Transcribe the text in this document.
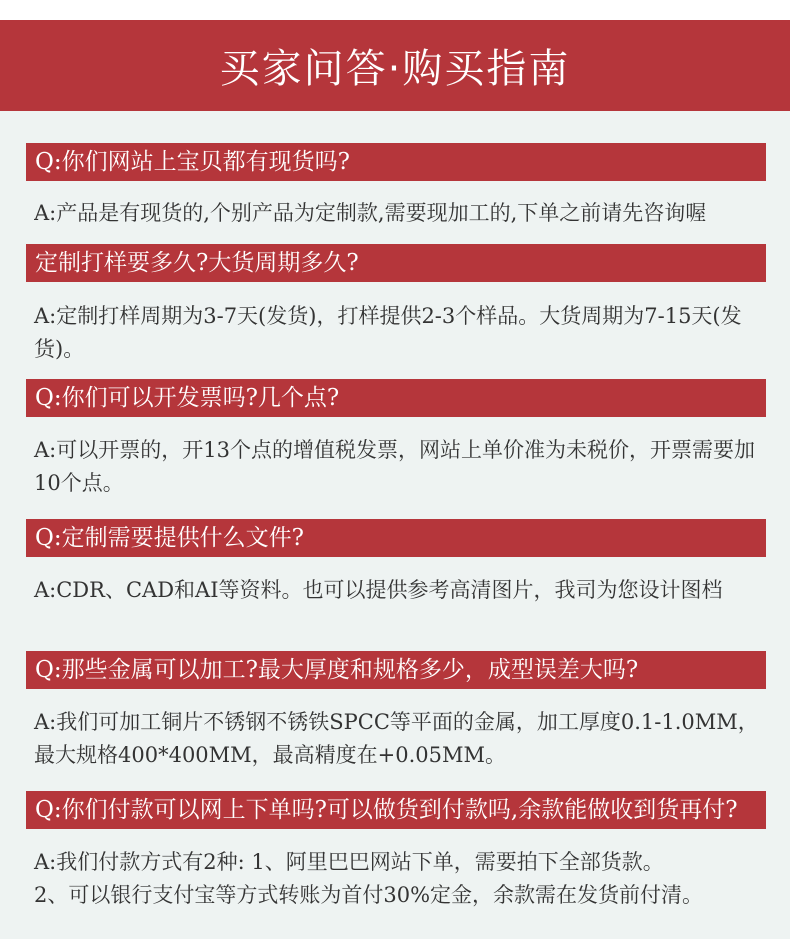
买家问答·购买指南
Q:你们网站上宝贝都有现货吗?
A:产品是有现货的,个别产品为定制款,需要现加工的,下单之前请先咨询喔
定制打样要多久?大货周期多久?
A:定制打样周期为3-7天(发货)，打样提供2-3个样品。大货周期为7-15天(发货)。
Q:你们可以开发票吗?几个点?
A:可以开票的，开13个点的增值税发票，网站上单价准为未税价，开票需要加10个点。
Q:定制需要提供什么文件?
A:CDR、CAD和AI等资料。也可以提供参考高清图片，我司为您设计图档
Q:那些金属可以加工?最大厚度和规格多少，成型误差大吗?
A:我们可加工铜片不锈钢不锈铁SPCC等平面的金属，加工厚度0.1-1.0MM，最大规格400*400MM，最高精度在+0.05MM。
Q:你们付款可以网上下单吗?可以做货到付款吗,余款能做收到货再付?
A:我们付款方式有2种: 1、阿里巴巴网站下单，需要拍下全部货款。
2、可以银行支付宝等方式转账为首付30%定金，余款需在发货前付清。
